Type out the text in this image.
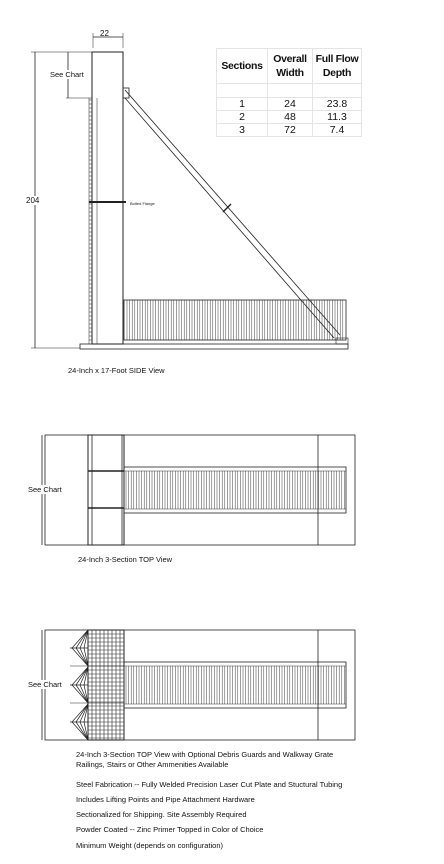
22
204
See Chart
Bolted Flange
24-Inch x 17-Foot SIDE View
Sections	Overall Width	Full Flow Depth

1	24	23.8
2	48	11.3
3	72	7.4
See Chart
24-Inch 3-Section TOP View
See Chart
24-Inch 3-Section TOP View with Optional Debris Guards and Walkway Grate
Railings, Stairs or Other Ammenities Available
Steel Fabrication -- Fully Welded Precision Laser Cut Plate and Stuctural Tubing
Includes Lifting Points and Pipe Attachment Hardware
Sectionalized for Shipping. Site Assembly Required
Powder Coated -- Zinc Primer Topped in Color of Choice
Minimum Weight (depends on configuration)
